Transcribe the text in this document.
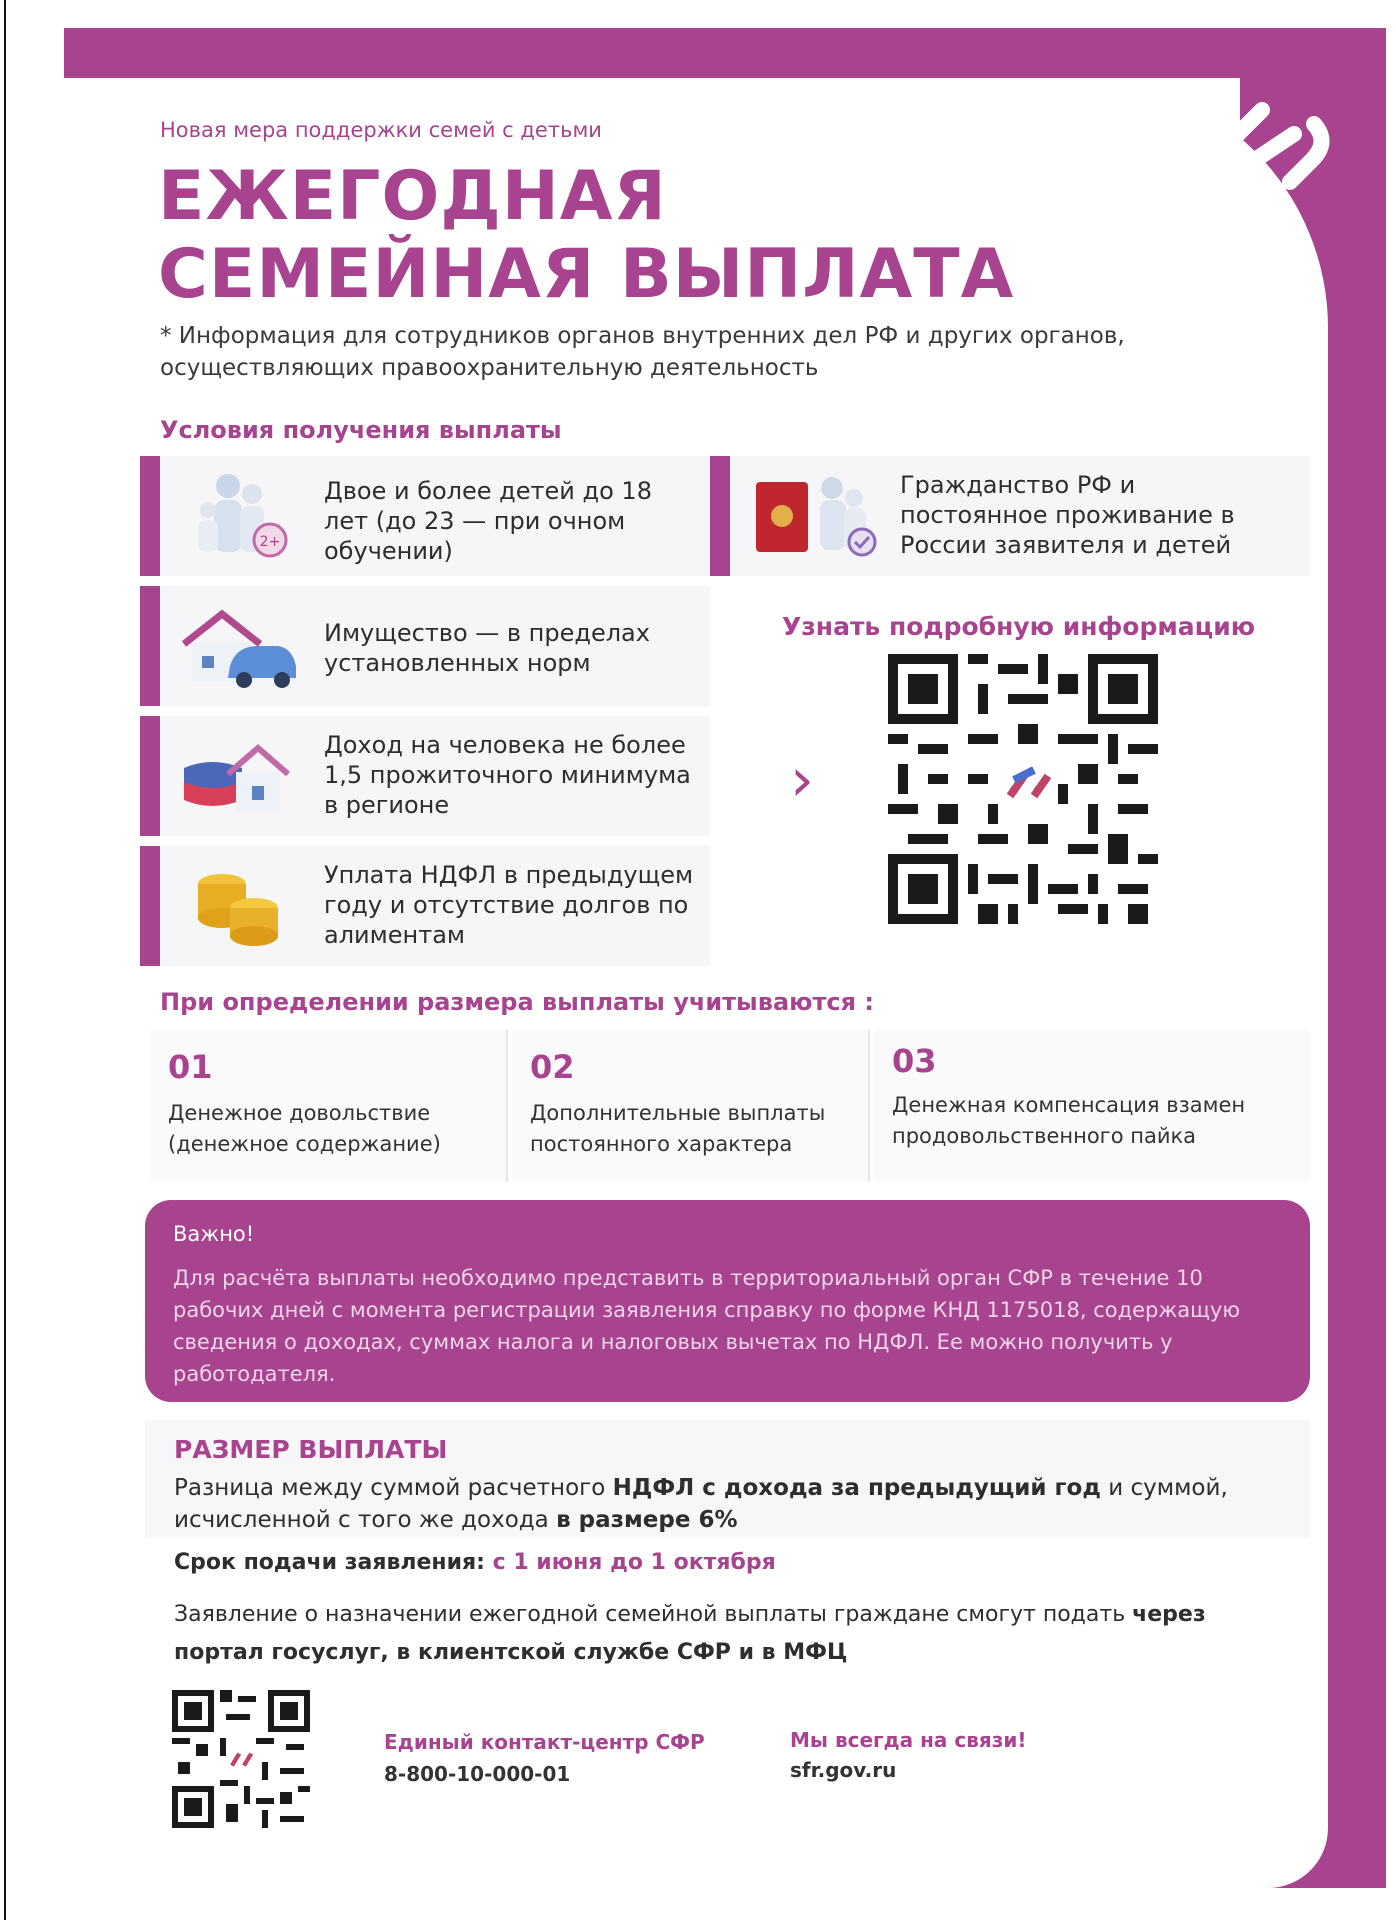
Новая мера поддержки семей с детьми
ЕЖЕГОДНАЯ
СЕМЕЙНАЯ ВЫПЛАТА
* Информация для сотрудников органов внутренних дел РФ и других органов, осуществляющих правоохранительную деятельность
Условия получения выплаты
2+
Двое и более детей до 18 лет (до 23 — при очном обучении)
Гражданство РФ и постоянное проживание в России заявителя и детей
Имущество — в пределах установленных норм
Доход на человека не более 1,5 прожиточного минимума в регионе
Уплата НДФЛ в предыдущем году и отсутствие долгов по алиментам
Узнать подробную информацию
›
При определении размера выплаты учитываются :
01
Денежное довольствие (денежное содержание)
02
Дополнительные выплаты постоянного характера
03
Денежная компенсация взамен продовольственного пайка
Важно!
Для расчёта выплаты необходимо представить в территориальный орган СФР в течение 10 рабочих дней с момента регистрации заявления справку по форме КНД 1175018, содержащую сведения о доходах, суммах налога и налоговых вычетах по НДФЛ. Ее можно получить у работодателя.
РАЗМЕР ВЫПЛАТЫ
Разница между суммой расчетного НДФЛ с дохода за предыдущий год и суммой, исчисленной с того же дохода в размере 6%
Срок подачи заявления: с 1 июня до 1 октября
Заявление о назначении ежегодной семейной выплаты граждане смогут подать через портал госуслуг, в клиентской службе СФР и в МФЦ
Единый контакт-центр СФР
8-800-10-000-01
Мы всегда на связи!
sfr.gov.ru
